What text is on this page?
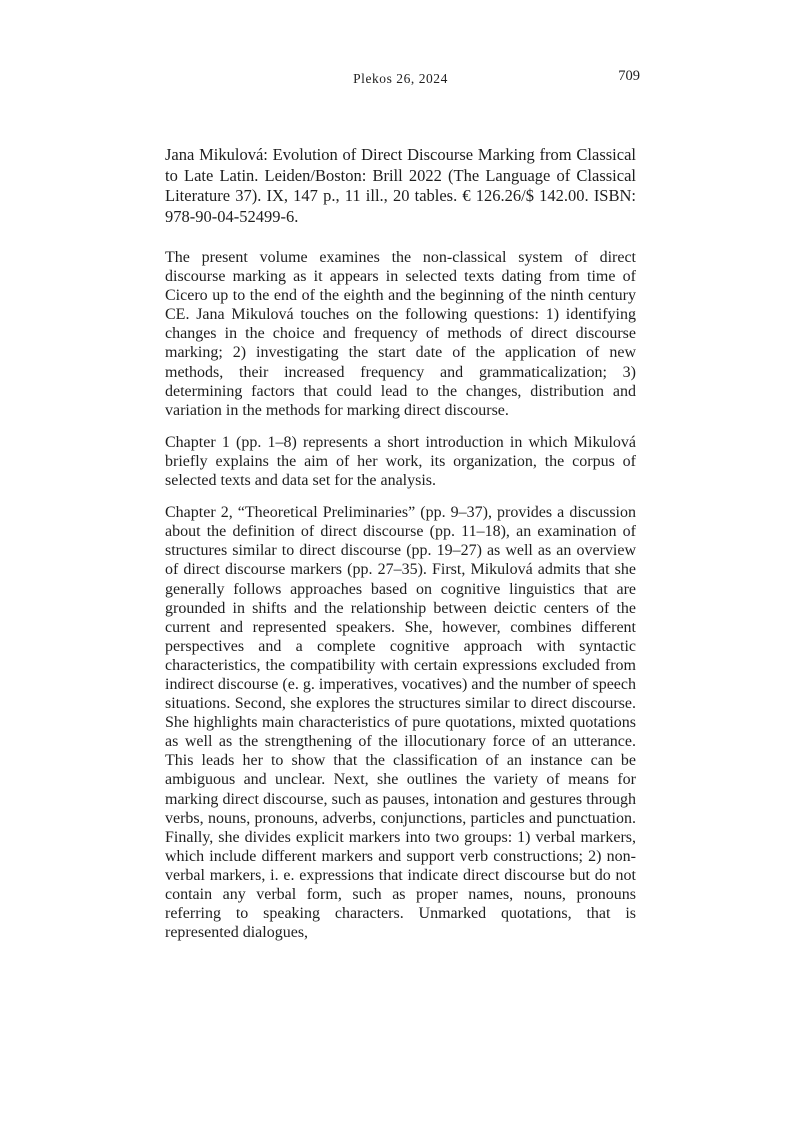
Plekos 26, 2024	709
Jana Mikulová: Evolution of Direct Discourse Marking from Classical to Late Latin. Leiden/Boston: Brill 2022 (The Language of Classical Literature 37). IX, 147 p., 11 ill., 20 tables. € 126.26/$ 142.00. ISBN: 978-90-04-52499-6.

The present volume examines the non-classical system of direct discourse marking as it appears in selected texts dating from time of Cicero up to the end of the eighth and the beginning of the ninth century CE. Jana Mikulová touches on the following questions: 1) identifying changes in the choice and frequency of methods of direct discourse marking; 2) investigating the start date of the application of new methods, their increased frequency and grammaticalization; 3) determining factors that could lead to the changes, distribution and variation in the methods for marking direct discourse.

Chapter 1 (pp. 1–8) represents a short introduction in which Mikulová briefly explains the aim of her work, its organization, the corpus of selected texts and data set for the analysis.

Chapter 2, “Theoretical Preliminaries” (pp. 9–37), provides a discussion about the definition of direct discourse (pp. 11–18), an examination of structures similar to direct discourse (pp. 19–27) as well as an overview of direct discourse markers (pp. 27–35). First, Mikulová admits that she generally follows approaches based on cognitive linguistics that are grounded in shifts and the relationship between deictic centers of the current and represented speakers. She, however, combines different perspectives and a complete cognitive approach with syntactic characteristics, the compatibility with certain expressions excluded from indirect discourse (e. g. imperatives, vocatives) and the number of speech situations. Second, she explores the structures similar to direct discourse. She highlights main characteristics of pure quotations, mixted quotations as well as the strengthening of the illocutionary force of an utterance. This leads her to show that the classification of an instance can be ambiguous and unclear. Next, she outlines the variety of means for marking direct discourse, such as pauses, intonation and gestures through verbs, nouns, pronouns, adverbs, conjunctions, particles and punctuation. Finally, she divides explicit markers into two groups: 1) verbal markers, which include different markers and support verb constructions; 2) non-verbal markers, i. e. expressions that indicate direct discourse but do not contain any verbal form, such as proper names, nouns, pronouns referring to speaking characters. Unmarked quotations, that is represented dialogues,
